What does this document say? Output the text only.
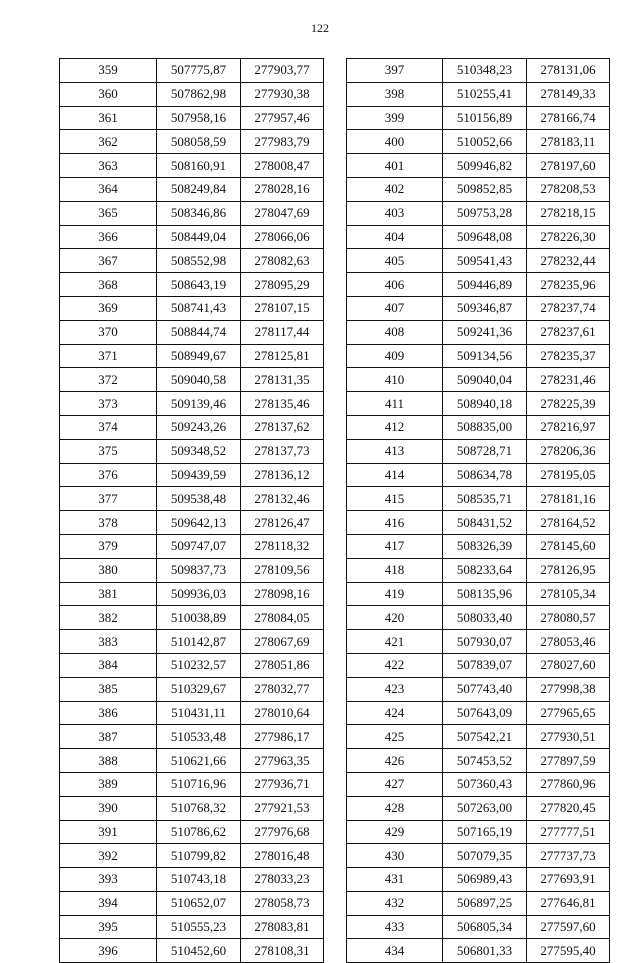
122
359	507775,87	277903,77
360	507862,98	277930,38
361	507958,16	277957,46
362	508058,59	277983,79
363	508160,91	278008,47
364	508249,84	278028,16
365	508346,86	278047,69
366	508449,04	278066,06
367	508552,98	278082,63
368	508643,19	278095,29
369	508741,43	278107,15
370	508844,74	278117,44
371	508949,67	278125,81
372	509040,58	278131,35
373	509139,46	278135,46
374	509243,26	278137,62
375	509348,52	278137,73
376	509439,59	278136,12
377	509538,48	278132,46
378	509642,13	278126,47
379	509747,07	278118,32
380	509837,73	278109,56
381	509936,03	278098,16
382	510038,89	278084,05
383	510142,87	278067,69
384	510232,57	278051,86
385	510329,67	278032,77
386	510431,11	278010,64
387	510533,48	277986,17
388	510621,66	277963,35
389	510716,96	277936,71
390	510768,32	277921,53
391	510786,62	277976,68
392	510799,82	278016,48
393	510743,18	278033,23
394	510652,07	278058,73
395	510555,23	278083,81
396	510452,60	278108,31
397	510348,23	278131,06
398	510255,41	278149,33
399	510156,89	278166,74
400	510052,66	278183,11
401	509946,82	278197,60
402	509852,85	278208,53
403	509753,28	278218,15
404	509648,08	278226,30
405	509541,43	278232,44
406	509446,89	278235,96
407	509346,87	278237,74
408	509241,36	278237,61
409	509134,56	278235,37
410	509040,04	278231,46
411	508940,18	278225,39
412	508835,00	278216,97
413	508728,71	278206,36
414	508634,78	278195,05
415	508535,71	278181,16
416	508431,52	278164,52
417	508326,39	278145,60
418	508233,64	278126,95
419	508135,96	278105,34
420	508033,40	278080,57
421	507930,07	278053,46
422	507839,07	278027,60
423	507743,40	277998,38
424	507643,09	277965,65
425	507542,21	277930,51
426	507453,52	277897,59
427	507360,43	277860,96
428	507263,00	277820,45
429	507165,19	277777,51
430	507079,35	277737,73
431	506989,43	277693,91
432	506897,25	277646,81
433	506805,34	277597,60
434	506801,33	277595,40
